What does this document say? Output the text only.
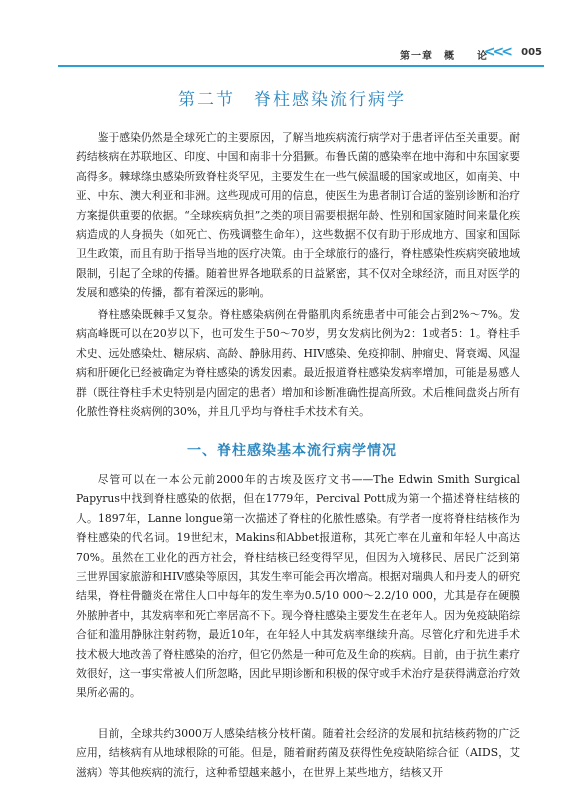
第一章　概　　论
<<< 005
第二节　脊柱感染流行病学

鉴于感染仍然是全球死亡的主要原因，了解当地疾病流行病学对于患者评估至关重要。耐药结核病在苏联地区、印度、中国和南非十分猖獗。布鲁氏菌的感染率在地中海和中东国家要高得多。棘球绦虫感染所致脊柱炎罕见，主要发生在一些气候温暖的国家或地区，如南美、中亚、中东、澳大利亚和非洲。这些现成可用的信息，使医生为患者制订合适的鉴别诊断和治疗方案提供重要的依据。“全球疾病负担”之类的项目需要根据年龄、性别和国家随时间来量化疾病造成的人身损失（如死亡、伤残调整生命年），这些数据不仅有助于形成地方、国家和国际卫生政策，而且有助于指导当地的医疗决策。由于全球旅行的盛行，脊柱感染性疾病突破地域限制，引起了全球的传播。随着世界各地联系的日益紧密，其不仅对全球经济，而且对医学的发展和感染的传播，都有着深远的影响。

脊柱感染既棘手又复杂。脊柱感染病例在骨骼肌肉系统患者中可能会占到2%～7%。发病高峰既可以在20岁以下，也可发生于50～70岁，男女发病比例为2：1或者5：1。脊柱手术史、远处感染灶、糖尿病、高龄、静脉用药、HIV感染、免疫抑制、肿瘤史、肾衰竭、风湿病和肝硬化已经被确定为脊柱感染的诱发因素。最近报道脊柱感染发病率增加，可能是易感人群（既往脊柱手术史特别是内固定的患者）增加和诊断准确性提高所致。术后椎间盘炎占所有化脓性脊柱炎病例的30%，并且几乎均与脊柱手术技术有关。

一、脊柱感染基本流行病学情况

尽管可以在一本公元前2000年的古埃及医疗文书——The Edwin Smith Surgical Papyrus中找到脊柱感染的依据，但在1779年，Percival Pott成为第一个描述脊柱结核的人。1897年，Lanne longue第一次描述了脊柱的化脓性感染。有学者一度将脊柱结核作为脊柱感染的代名词。19世纪末，Makins和Abbet报道称，其死亡率在儿童和年轻人中高达70%。虽然在工业化的西方社会，脊柱结核已经变得罕见，但因为入境移民、居民广泛到第三世界国家旅游和HIV感染等原因，其发生率可能会再次增高。根据对瑞典人和丹麦人的研究结果，脊柱骨髓炎在常住人口中每年的发生率为0.5/10 000～2.2/10 000，尤其是存在硬膜外脓肿者中，其发病率和死亡率居高不下。现今脊柱感染主要发生在老年人。因为免疫缺陷综合征和滥用静脉注射药物，最近10年，在年轻人中其发病率继续升高。尽管化疗和先进手术技术极大地改善了脊柱感染的治疗，但它仍然是一种可危及生命的疾病。目前，由于抗生素疗效很好，这一事实常被人们所忽略，因此早期诊断和积极的保守或手术治疗是获得满意治疗效果所必需的。

目前，全球共约3000万人感染结核分枝杆菌。随着社会经济的发展和抗结核药物的广泛应用，结核病有从地球根除的可能。但是，随着耐药菌及获得性免疫缺陷综合征（AIDS，艾滋病）等其他疾病的流行，这种希望越来越小，在世界上某些地方，结核又开
